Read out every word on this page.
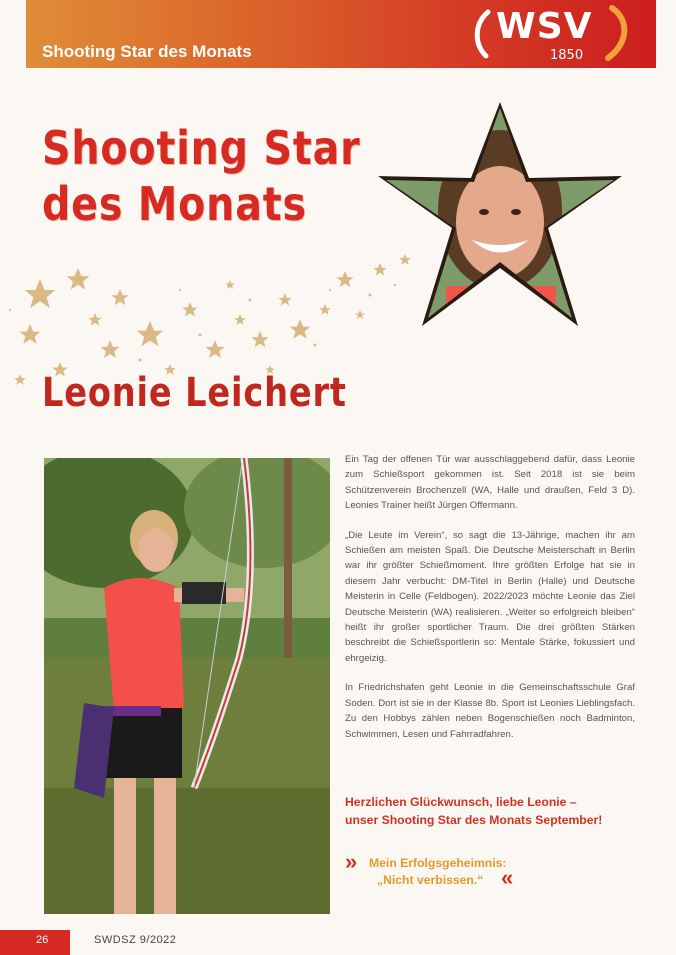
Shooting Star des Monats
WSV
1850
Shooting Star
des Monats
Leonie Leichert

Ein Tag der offenen Tür war ausschlaggebend dafür, dass Leonie zum Schießsport gekommen ist. Seit 2018 ist sie beim Schützenverein Brochenzell (WA, Halle und draußen, Feld 3 D). Leonies Trainer heißt Jürgen Offermann.

„Die Leute im Verein“, so sagt die 13-Jährige, machen ihr am Schießen am meisten Spaß. Die Deutsche Meisterschaft in Berlin war ihr größter Schießmoment. Ihre größten Erfolge hat sie in diesem Jahr verbucht: DM-Titel in Berlin (Halle) und Deutsche Meisterin in Celle (Feldbogen). 2022/2023 möchte Leonie das Ziel Deutsche Meisterin (WA) realisieren. „Weiter so erfolgreich bleiben“ heißt ihr großer sportlicher Traum. Die drei größten Stärken beschreibt die Schießsportlerin so: Mentale Stärke, fokussiert und ehrgeizig.

In Friedrichshafen geht Leonie in die Gemeinschaftsschule Graf Soden. Dort ist sie in der Klasse 8b. Sport ist Leonies Lieblingsfach. Zu den Hobbys zählen neben Bogenschießen noch Badminton, Schwimmen, Lesen und Fahrradfahren.

Herzlichen Glückwunsch, liebe Leonie –
unser Shooting Star des Monats September!
» Mein Erfolgsgeheimnis:
„Nicht verbissen.“ «
26	SWDSZ 9/2022
